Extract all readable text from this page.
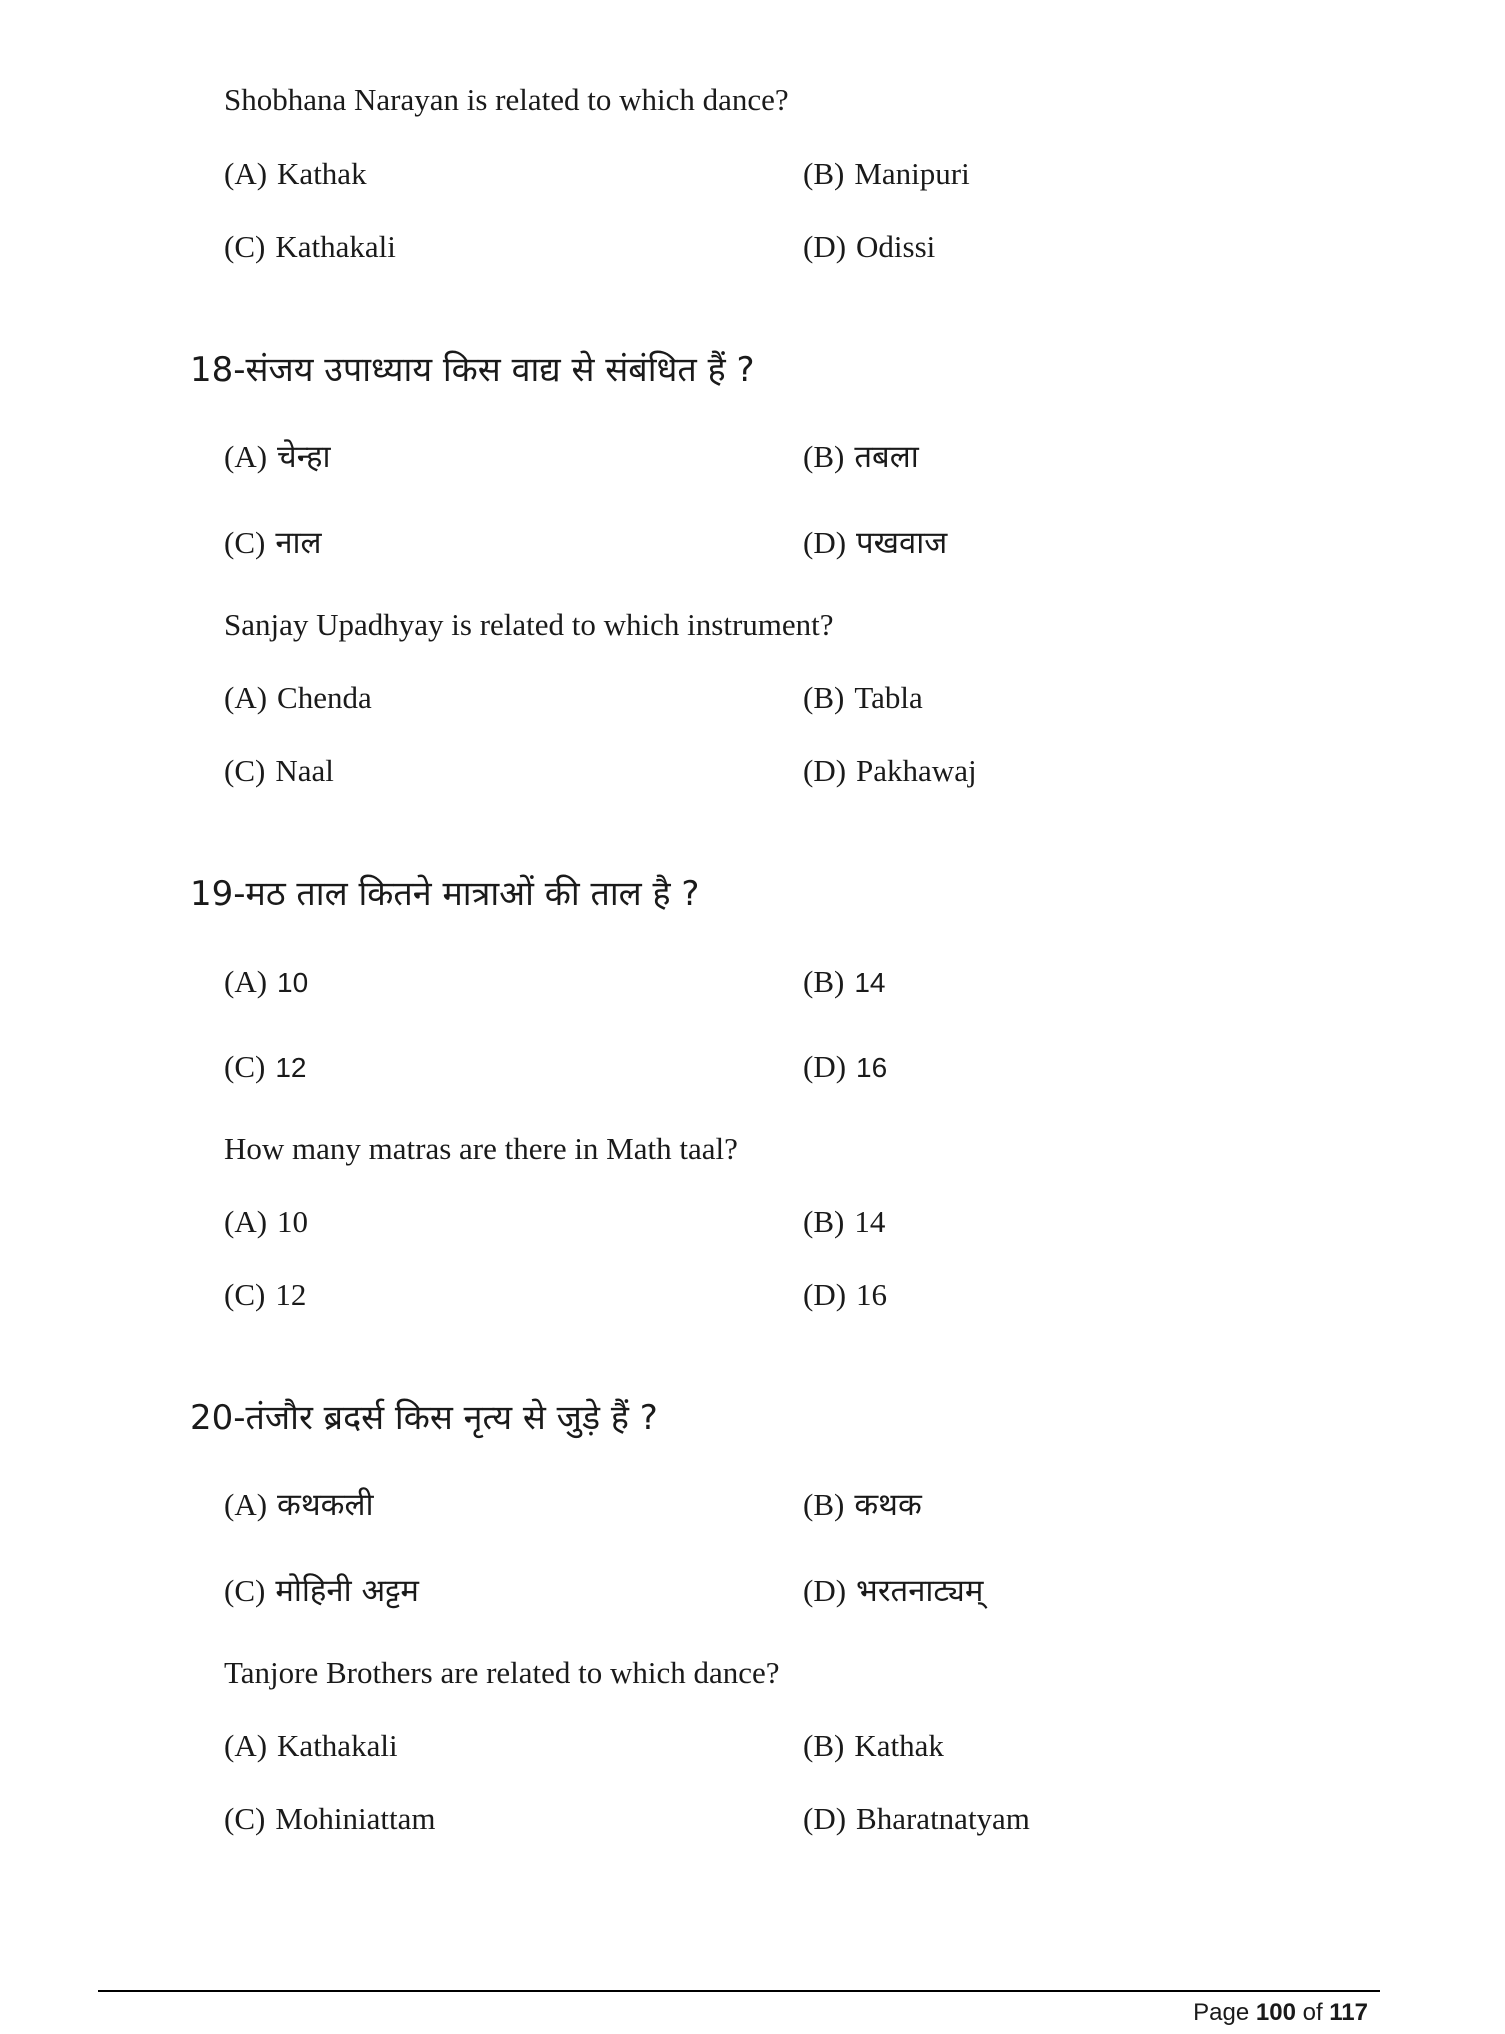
Shobhana Narayan is related to which dance?
(A) Kathak	(B) Manipuri
(C) Kathakali	(D) Odissi
18-संजय उपाध्याय किस वाद्य से संबंधित हैं ?
(A) चेन्हा	(B) तबला
(C) नाल	(D) पखवाज
Sanjay Upadhyay is related to which instrument?
(A) Chenda	(B) Tabla
(C) Naal	(D) Pakhawaj
19-मठ ताल कितने मात्राओं की ताल है ?
(A) 10	(B) 14
(C) 12	(D) 16
How many matras are there in Math taal?
(A) 10	(B) 14
(C) 12	(D) 16
20-तंजौर ब्रदर्स किस नृत्य से जुड़े हैं ?
(A) कथकली	(B) कथक
(C) मोहिनी अट्टम	(D) भरतनाट्यम्
Tanjore Brothers are related to which dance?
(A) Kathakali	(B) Kathak
(C) Mohiniattam	(D) Bharatnatyam
Page 100 of 117
